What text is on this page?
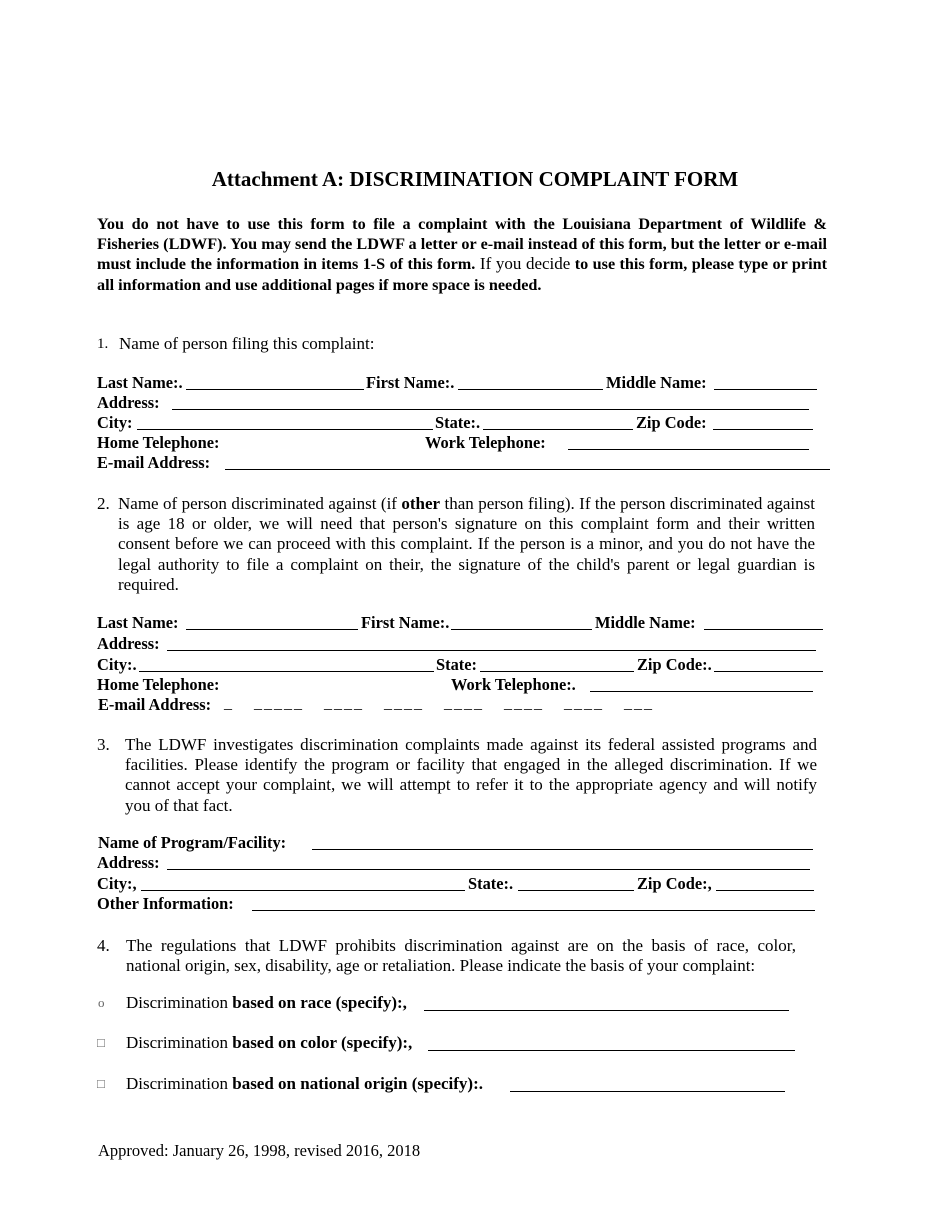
Attachment A: DISCRIMINATION COMPLAINT FORM
You do not have to use this form to file a complaint with the Louisiana Department of Wildlife & Fisheries (LDWF). You may send the LDWF a letter or e-mail instead of this form, but the letter or e-mail must include the information in items 1-S of this form. If you decide to use this form, please type or print all information and use additional pages if more space is needed.
1. Name of person filing this complaint:
Last Name:.	First Name:.	Middle Name:
Address:
City:	State:.	Zip Code:
Home Telephone:	Work Telephone:
E-mail Address:
2. Name of person discriminated against (if other than person filing). If the person discriminated against is age 18 or older, we will need that person's signature on this complaint form and their written consent before we can proceed with this complaint. If the person is a minor, and you do not have the legal authority to file a complaint on their, the signature of the child's parent or legal guardian is required.
Last Name:	First Name:.	Middle Name:
Address:
City:.	State:	Zip Code:.
Home Telephone:	Work Telephone:.
E-mail Address: _ _____ ____ ____ ____ ____ ____ ___
3. The LDWF investigates discrimination complaints made against its federal assisted programs and facilities. Please identify the program or facility that engaged in the alleged discrimination. If we cannot accept your complaint, we will attempt to refer it to the appropriate agency and will notify you of that fact.
Name of Program/Facility:
Address:
City:,	State:.	Zip Code:,
Other Information:
4. The regulations that LDWF prohibits discrimination against are on the basis of race, color, national origin, sex, disability, age or retaliation. Please indicate the basis of your complaint:
o Discrimination based on race (specify):,
□ Discrimination based on color (specify):,
□ Discrimination based on national origin (specify):.
Approved: January 26, 1998, revised 2016, 2018
